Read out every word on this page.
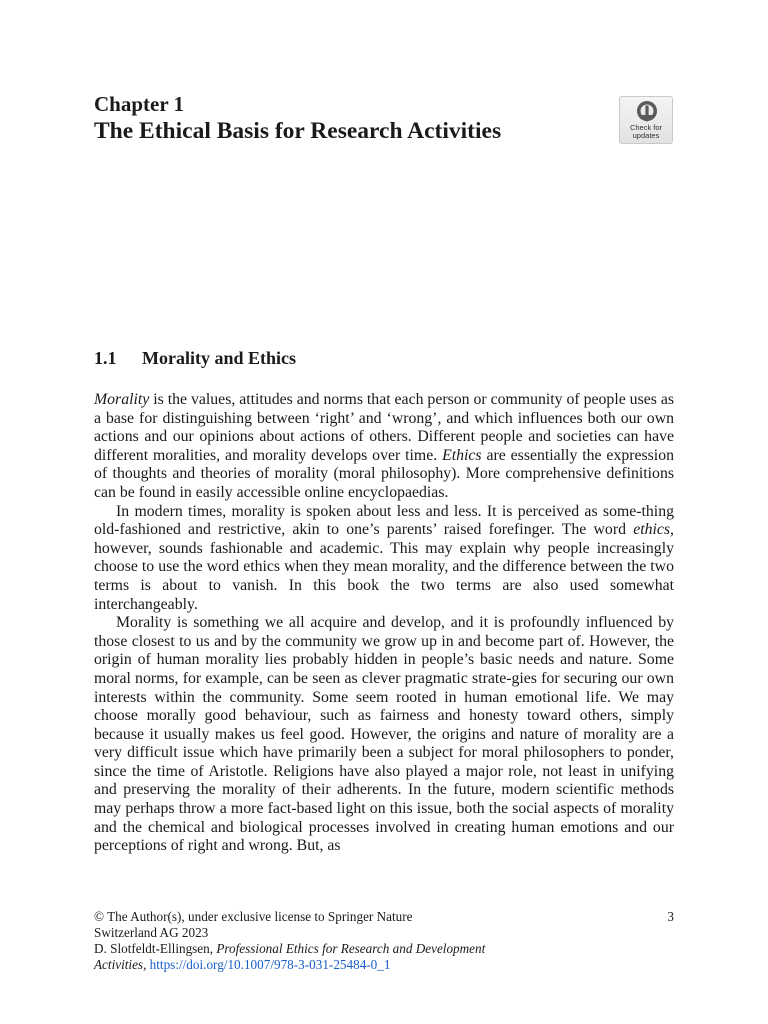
Chapter 1
The Ethical Basis for Research Activities	Check for
updates
1.1 Morality and Ethics

Morality is the values, attitudes and norms that each person or community of people uses as a base for distinguishing between ‘right’ and ‘wrong’, and which influences both our own actions and our opinions about actions of others. Different people and societies can have different moralities, and morality develops over time. Ethics are essentially the expression of thoughts and theories of morality (moral philosophy). More comprehensive definitions can be found in easily accessible online encyclopaedias.

In modern times, morality is spoken about less and less. It is perceived as some-thing old-fashioned and restrictive, akin to one’s parents’ raised forefinger. The word ethics, however, sounds fashionable and academic. This may explain why people increasingly choose to use the word ethics when they mean morality, and the difference between the two terms is about to vanish. In this book the two terms are also used somewhat interchangeably.

Morality is something we all acquire and develop, and it is profoundly influenced by those closest to us and by the community we grow up in and become part of. However, the origin of human morality lies probably hidden in people’s basic needs and nature. Some moral norms, for example, can be seen as clever pragmatic strate-gies for securing our own interests within the community. Some seem rooted in human emotional life. We may choose morally good behaviour, such as fairness and honesty toward others, simply because it usually makes us feel good. However, the origins and nature of morality are a very difficult issue which have primarily been a subject for moral philosophers to ponder, since the time of Aristotle. Religions have also played a major role, not least in unifying and preserving the morality of their adherents. In the future, modern scientific methods may perhaps throw a more fact-based light on this issue, both the social aspects of morality and the chemical and biological processes involved in creating human emotions and our perceptions of right and wrong. But, as

© The Author(s), under exclusive license to Springer Nature
Switzerland AG 2023
D. Slotfeldt-Ellingsen, Professional Ethics for Research and Development
Activities, https://doi.org/10.1007/978-3-031-25484-0_1
3
